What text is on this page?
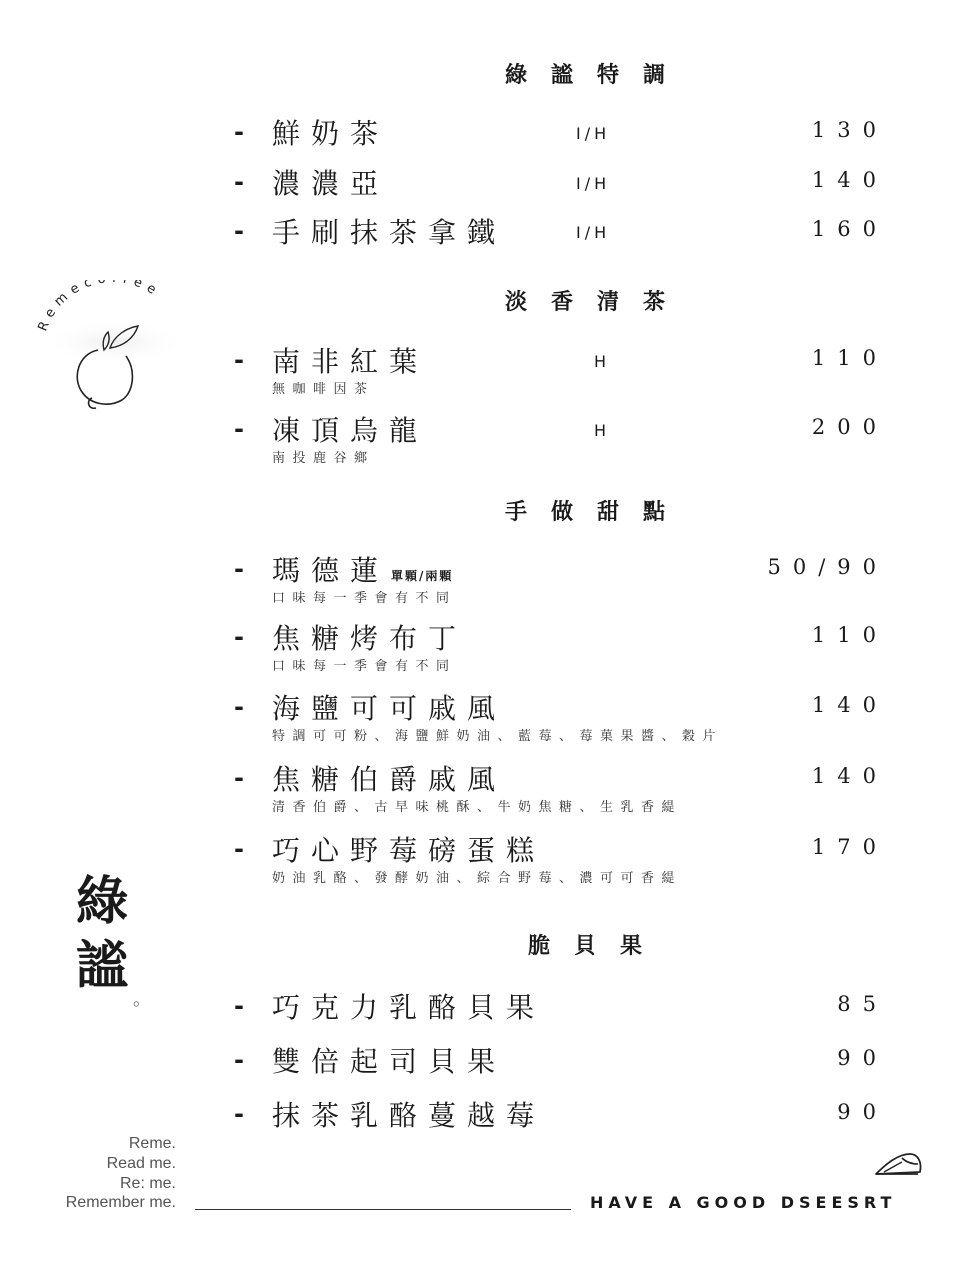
Remec fee
綠謐特調
- 鮮奶茶	I/H	130
- 濃濃亞	I/H	140
- 手刷抹茶拿鐵	I/H	160
淡香清茶
- 南非紅葉	H	110
無咖啡因茶
- 凍頂烏龍	H	200
南投鹿谷鄉
手做甜點
- 瑪德蓮 單顆/兩顆	50/90
口味每一季會有不同
- 焦糖烤布丁	110
口味每一季會有不同
- 海鹽可可戚風	140
特調可可粉、海鹽鮮奶油、藍莓、莓菓果醬、穀片
- 焦糖伯爵戚風	140
清香伯爵、古早味桃酥、牛奶焦糖、生乳香緹
- 巧心野莓磅蛋糕	170
奶油乳酪、發酵奶油、綜合野莓、濃可可香緹
脆貝果
- 巧克力乳酪貝果	85
- 雙倍起司貝果	90
- 抹茶乳酪蔓越莓	90
綠
謐
。
Reme.
Read me.
Re: me.
Remember me.	HAVE A GOOD DSEESRT
